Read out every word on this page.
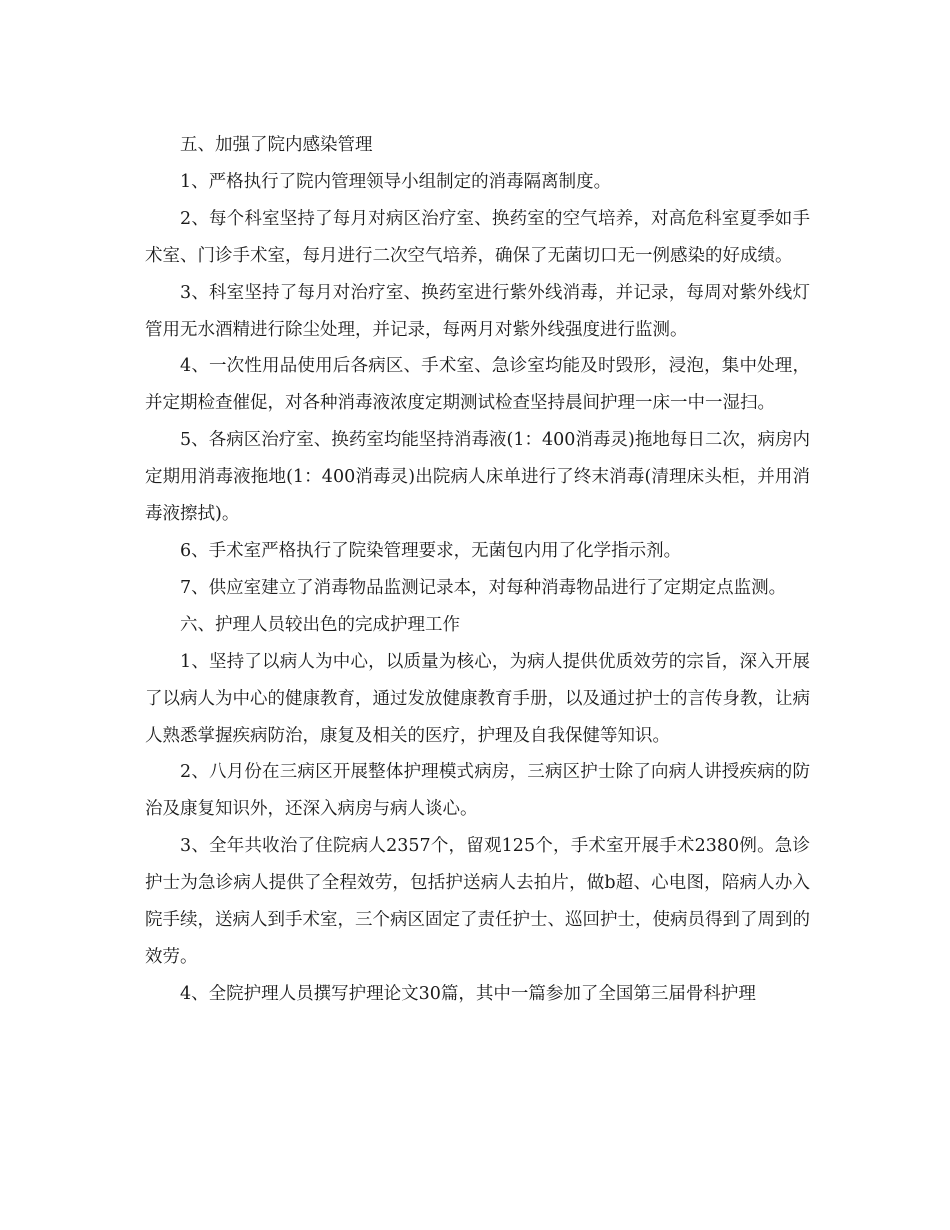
五、加强了院内感染管理

1、严格执行了院内管理领导小组制定的消毒隔离制度。

2、每个科室坚持了每月对病区治疗室、换药室的空气培养，对高危科室夏季如手术室、门诊手术室，每月进行二次空气培养，确保了无菌切口无一例感染的好成绩。

3、科室坚持了每月对治疗室、换药室进行紫外线消毒，并记录，每周对紫外线灯管用无水酒精进行除尘处理，并记录，每两月对紫外线强度进行监测。

4、一次性用品使用后各病区、手术室、急诊室均能及时毁形，浸泡，集中处理，并定期检查催促，对各种消毒液浓度定期测试检查坚持晨间护理一床一中一湿扫。

5、各病区治疗室、换药室均能坚持消毒液(1：400消毒灵)拖地每日二次，病房内定期用消毒液拖地(1：400消毒灵)出院病人床单进行了终末消毒(清理床头柜，并用消毒液擦拭)。

6、手术室严格执行了院染管理要求，无菌包内用了化学指示剂。

7、供应室建立了消毒物品监测记录本，对每种消毒物品进行了定期定点监测。

六、护理人员较出色的完成护理工作

1、坚持了以病人为中心，以质量为核心，为病人提供优质效劳的宗旨，深入开展了以病人为中心的健康教育，通过发放健康教育手册，以及通过护士的言传身教，让病人熟悉掌握疾病防治，康复及相关的医疗，护理及自我保健等知识。

2、八月份在三病区开展整体护理模式病房，三病区护士除了向病人讲授疾病的防治及康复知识外，还深入病房与病人谈心。

3、全年共收治了住院病人2357个，留观125个，手术室开展手术2380例。急诊护士为急诊病人提供了全程效劳，包括护送病人去拍片，做b超、心电图，陪病人办入院手续，送病人到手术室，三个病区固定了责任护士、巡回护士，使病员得到了周到的效劳。

4、全院护理人员撰写护理论文30篇，其中一篇参加了全国第三届骨科护理
